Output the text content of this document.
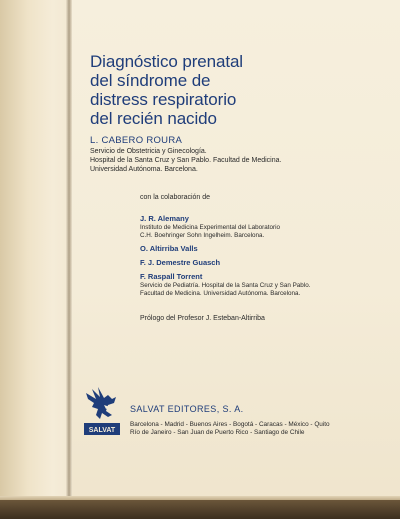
Diagnóstico prenatal
del síndrome de
distress respiratorio
del recién nacido
L. CABERO ROURA
Servicio de Obstetricia y Ginecología.
Hospital de la Santa Cruz y San Pablo. Facultad de Medicina.
Universidad Autónoma. Barcelona.
con la colaboración de
J. R. Alemany
Instituto de Medicina Experimental del Laboratorio
C.H. Boehringer Sohn Ingelheim. Barcelona.
O. Altirriba Valls
F. J. Demestre Guasch
F. Raspall Torrent
Servicio de Pediatría. Hospital de la Santa Cruz y San Pablo.
Facultad de Medicina. Universidad Autónoma. Barcelona.
Prólogo del Profesor J. Esteban-Altirriba
SALVAT
SALVAT EDITORES, S. A.
Barcelona - Madrid - Buenos Aires - Bogotá - Caracas - México - Quito
Río de Janeiro - San Juan de Puerto Rico - Santiago de Chile
